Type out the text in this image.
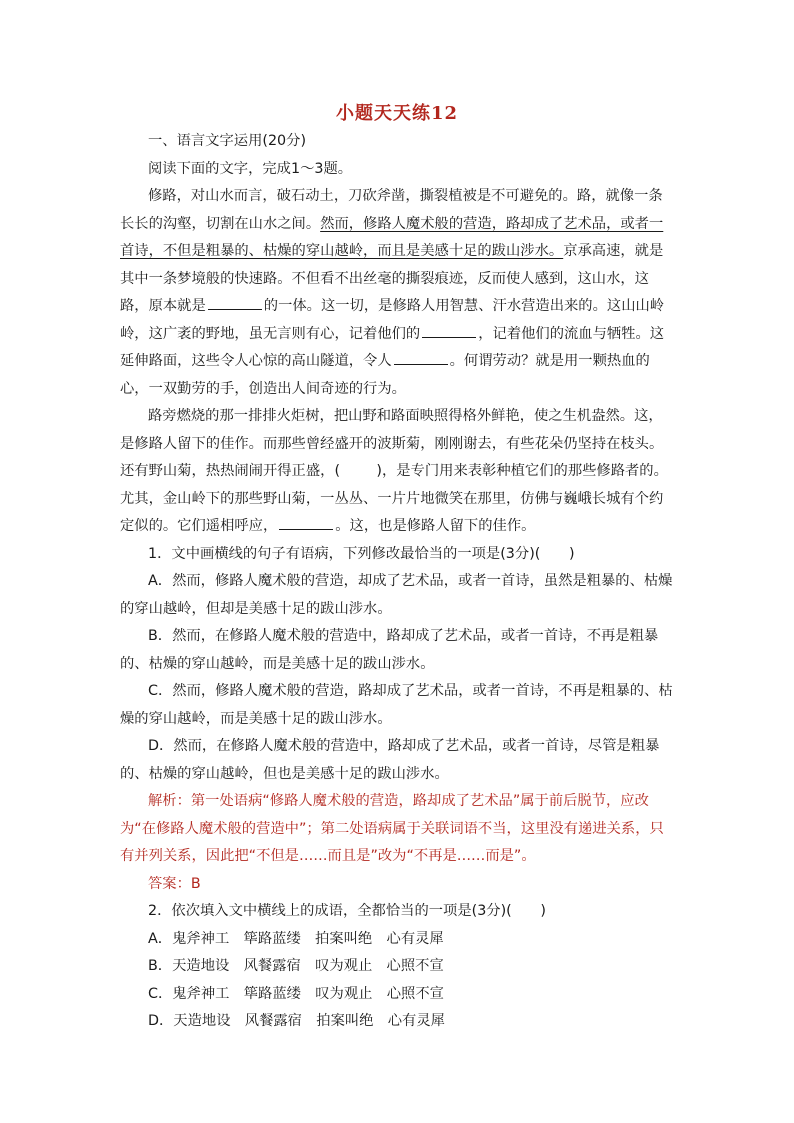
小题天天练12

一、语言文字运用(20分)

阅读下面的文字，完成1～3题。

修路，对山水而言，破石动土，刀砍斧凿，撕裂植被是不可避免的。路，就像一条长长的沟壑，切割在山水之间。然而，修路人魔术般的营造，路却成了艺术品，或者一首诗，不但是粗暴的、枯燥的穿山越岭，而且是美感十足的跋山涉水。京承高速，就是其中一条梦境般的快速路。不但看不出丝毫的撕裂痕迹，反而使人感到，这山水，这路，原本就是	的一体。这一切，是修路人用智慧、汗水营造出来的。这山山岭岭，这广袤的野地，虽无言则有心，记着他们的	，记着他们的流血与牺牲。这延伸路面，这些令人心惊的高山隧道，令人	。何谓劳动？就是用一颗热血的心，一双勤劳的手，创造出人间奇迹的行为。

路旁燃烧的那一排排火炬树，把山野和路面映照得格外鲜艳，使之生机盎然。这，是修路人留下的佳作。而那些曾经盛开的波斯菊，刚刚谢去，有些花朵仍坚持在枝头。还有野山菊，热热闹闹开得正盛，(	)，是专门用来表彰种植它们的那些修路者的。尤其，金山岭下的那些野山菊，一丛丛、一片片地微笑在那里，仿佛与巍峨长城有个约定似的。它们遥相呼应，	。这，也是修路人留下的佳作。

1．文中画横线的句子有语病，下列修改最恰当的一项是(3分)(　　)

A．然而，修路人魔术般的营造，却成了艺术品，或者一首诗，虽然是粗暴的、枯燥的穿山越岭，但却是美感十足的跋山涉水。

B．然而，在修路人魔术般的营造中，路却成了艺术品，或者一首诗，不再是粗暴的、枯燥的穿山越岭，而是美感十足的跋山涉水。

C．然而，修路人魔术般的营造，路却成了艺术品，或者一首诗，不再是粗暴的、枯燥的穿山越岭，而是美感十足的跋山涉水。

D．然而，在修路人魔术般的营造中，路却成了艺术品，或者一首诗，尽管是粗暴的、枯燥的穿山越岭，但也是美感十足的跋山涉水。

解析：第一处语病“修路人魔术般的营造，路却成了艺术品”属于前后脱节，应改为“在修路人魔术般的营造中”；第二处语病属于关联词语不当，这里没有递进关系，只有并列关系，因此把“不但是……而且是”改为“不再是……而是”。

答案：B

2．依次填入文中横线上的成语，全都恰当的一项是(3分)(　　)

A．鬼斧神工　筚路蓝缕　拍案叫绝　心有灵犀

B．天造地设　风餐露宿　叹为观止　心照不宣

C．鬼斧神工　筚路蓝缕　叹为观止　心照不宣

D．天造地设　风餐露宿　拍案叫绝　心有灵犀
